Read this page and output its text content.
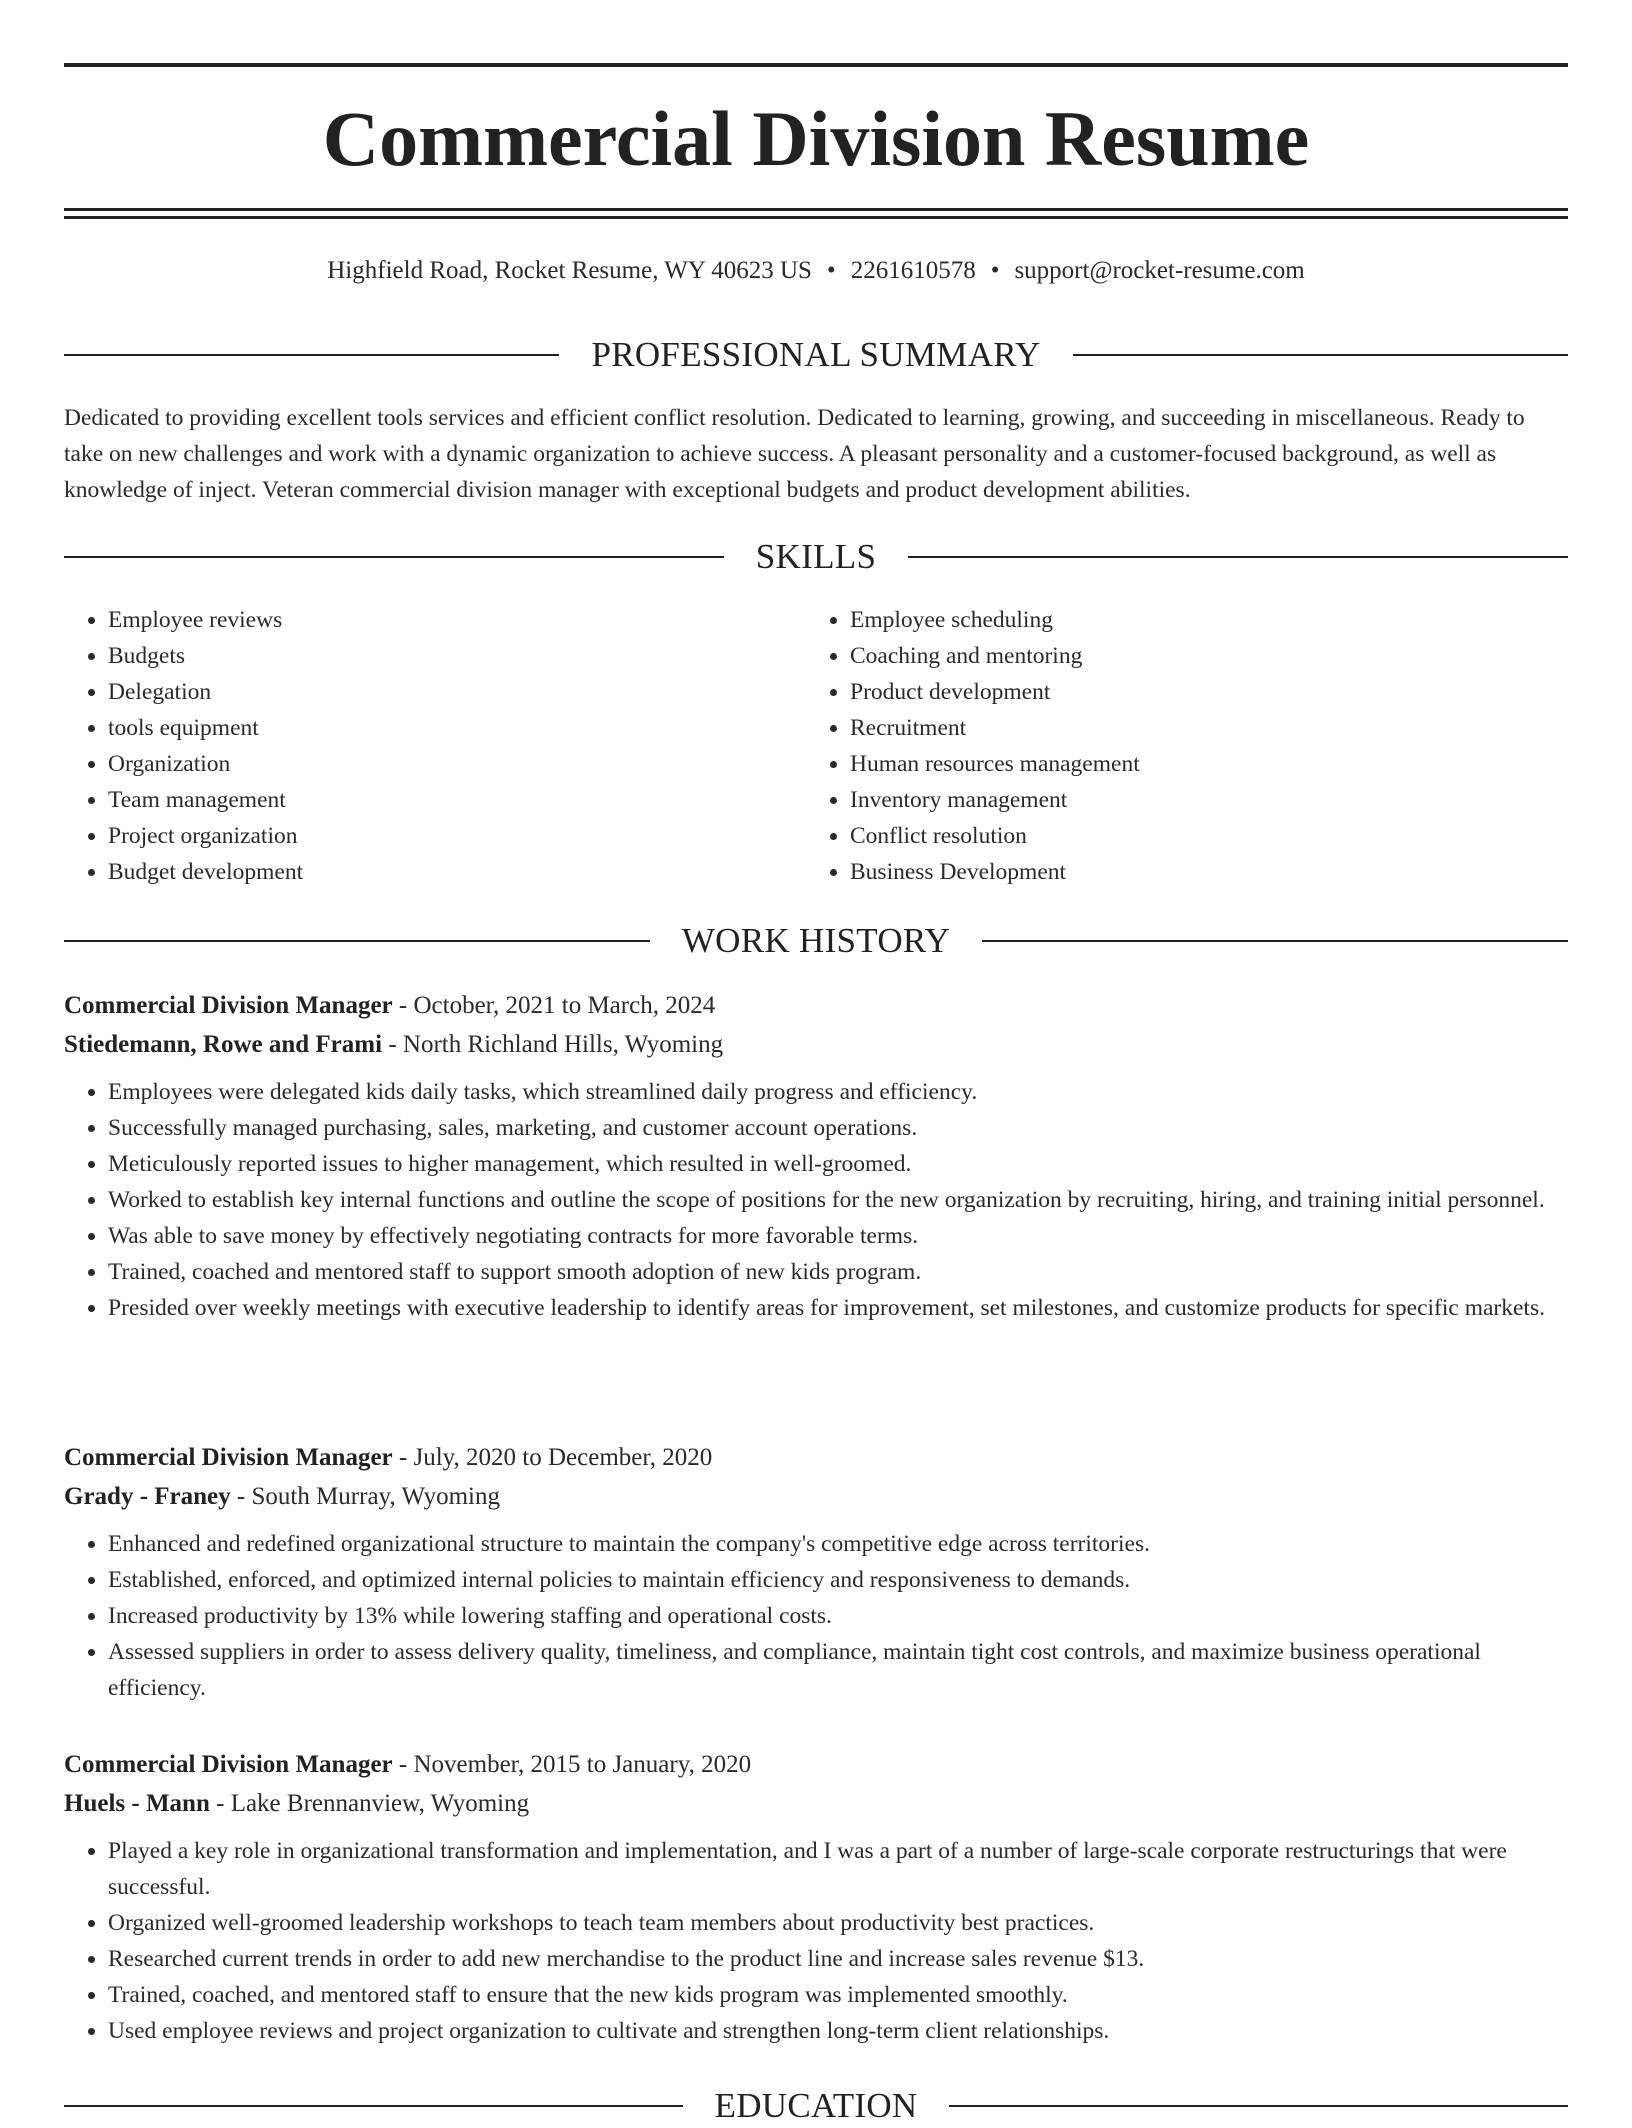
Commercial Division Resume
Highfield Road, Rocket Resume, WY 40623 US • 2261610578 • support@rocket-resume.com
PROFESSIONAL SUMMARY

Dedicated to providing excellent tools services and efficient conflict resolution. Dedicated to learning, growing, and succeeding in miscellaneous. Ready to take on new challenges and work with a dynamic organization to achieve success. A pleasant personality and a customer-focused background, as well as knowledge of inject. Veteran commercial division manager with exceptional budgets and product development abilities.

SKILLS
• Employee reviews
• Budgets
• Delegation
• tools equipment
• Organization
• Team management
• Project organization
• Budget development
• Employee scheduling
• Coaching and mentoring
• Product development
• Recruitment
• Human resources management
• Inventory management
• Conflict resolution
• Business Development
WORK HISTORY
Commercial Division Manager - October, 2021 to March, 2024
Stiedemann, Rowe and Frami - North Richland Hills, Wyoming
• Employees were delegated kids daily tasks, which streamlined daily progress and efficiency.
• Successfully managed purchasing, sales, marketing, and customer account operations.
• Meticulously reported issues to higher management, which resulted in well-groomed.
• Worked to establish key internal functions and outline the scope of positions for the new organization by recruiting, hiring, and training initial personnel.
• Was able to save money by effectively negotiating contracts for more favorable terms.
• Trained, coached and mentored staff to support smooth adoption of new kids program.
• Presided over weekly meetings with executive leadership to identify areas for improvement, set milestones, and customize products for specific markets.
Commercial Division Manager - July, 2020 to December, 2020
Grady - Franey - South Murray, Wyoming
• Enhanced and redefined organizational structure to maintain the company's competitive edge across territories.
• Established, enforced, and optimized internal policies to maintain efficiency and responsiveness to demands.
• Increased productivity by 13% while lowering staffing and operational costs.
• Assessed suppliers in order to assess delivery quality, timeliness, and compliance, maintain tight cost controls, and maximize business operational efficiency.
Commercial Division Manager - November, 2015 to January, 2020
Huels - Mann - Lake Brennanview, Wyoming
• Played a key role in organizational transformation and implementation, and I was a part of a number of large-scale corporate restructurings that were successful.
• Organized well-groomed leadership workshops to teach team members about productivity best practices.
• Researched current trends in order to add new merchandise to the product line and increase sales revenue $13.
• Trained, coached, and mentored staff to ensure that the new kids program was implemented smoothly.
• Used employee reviews and project organization to cultivate and strengthen long-term client relationships.
EDUCATION
